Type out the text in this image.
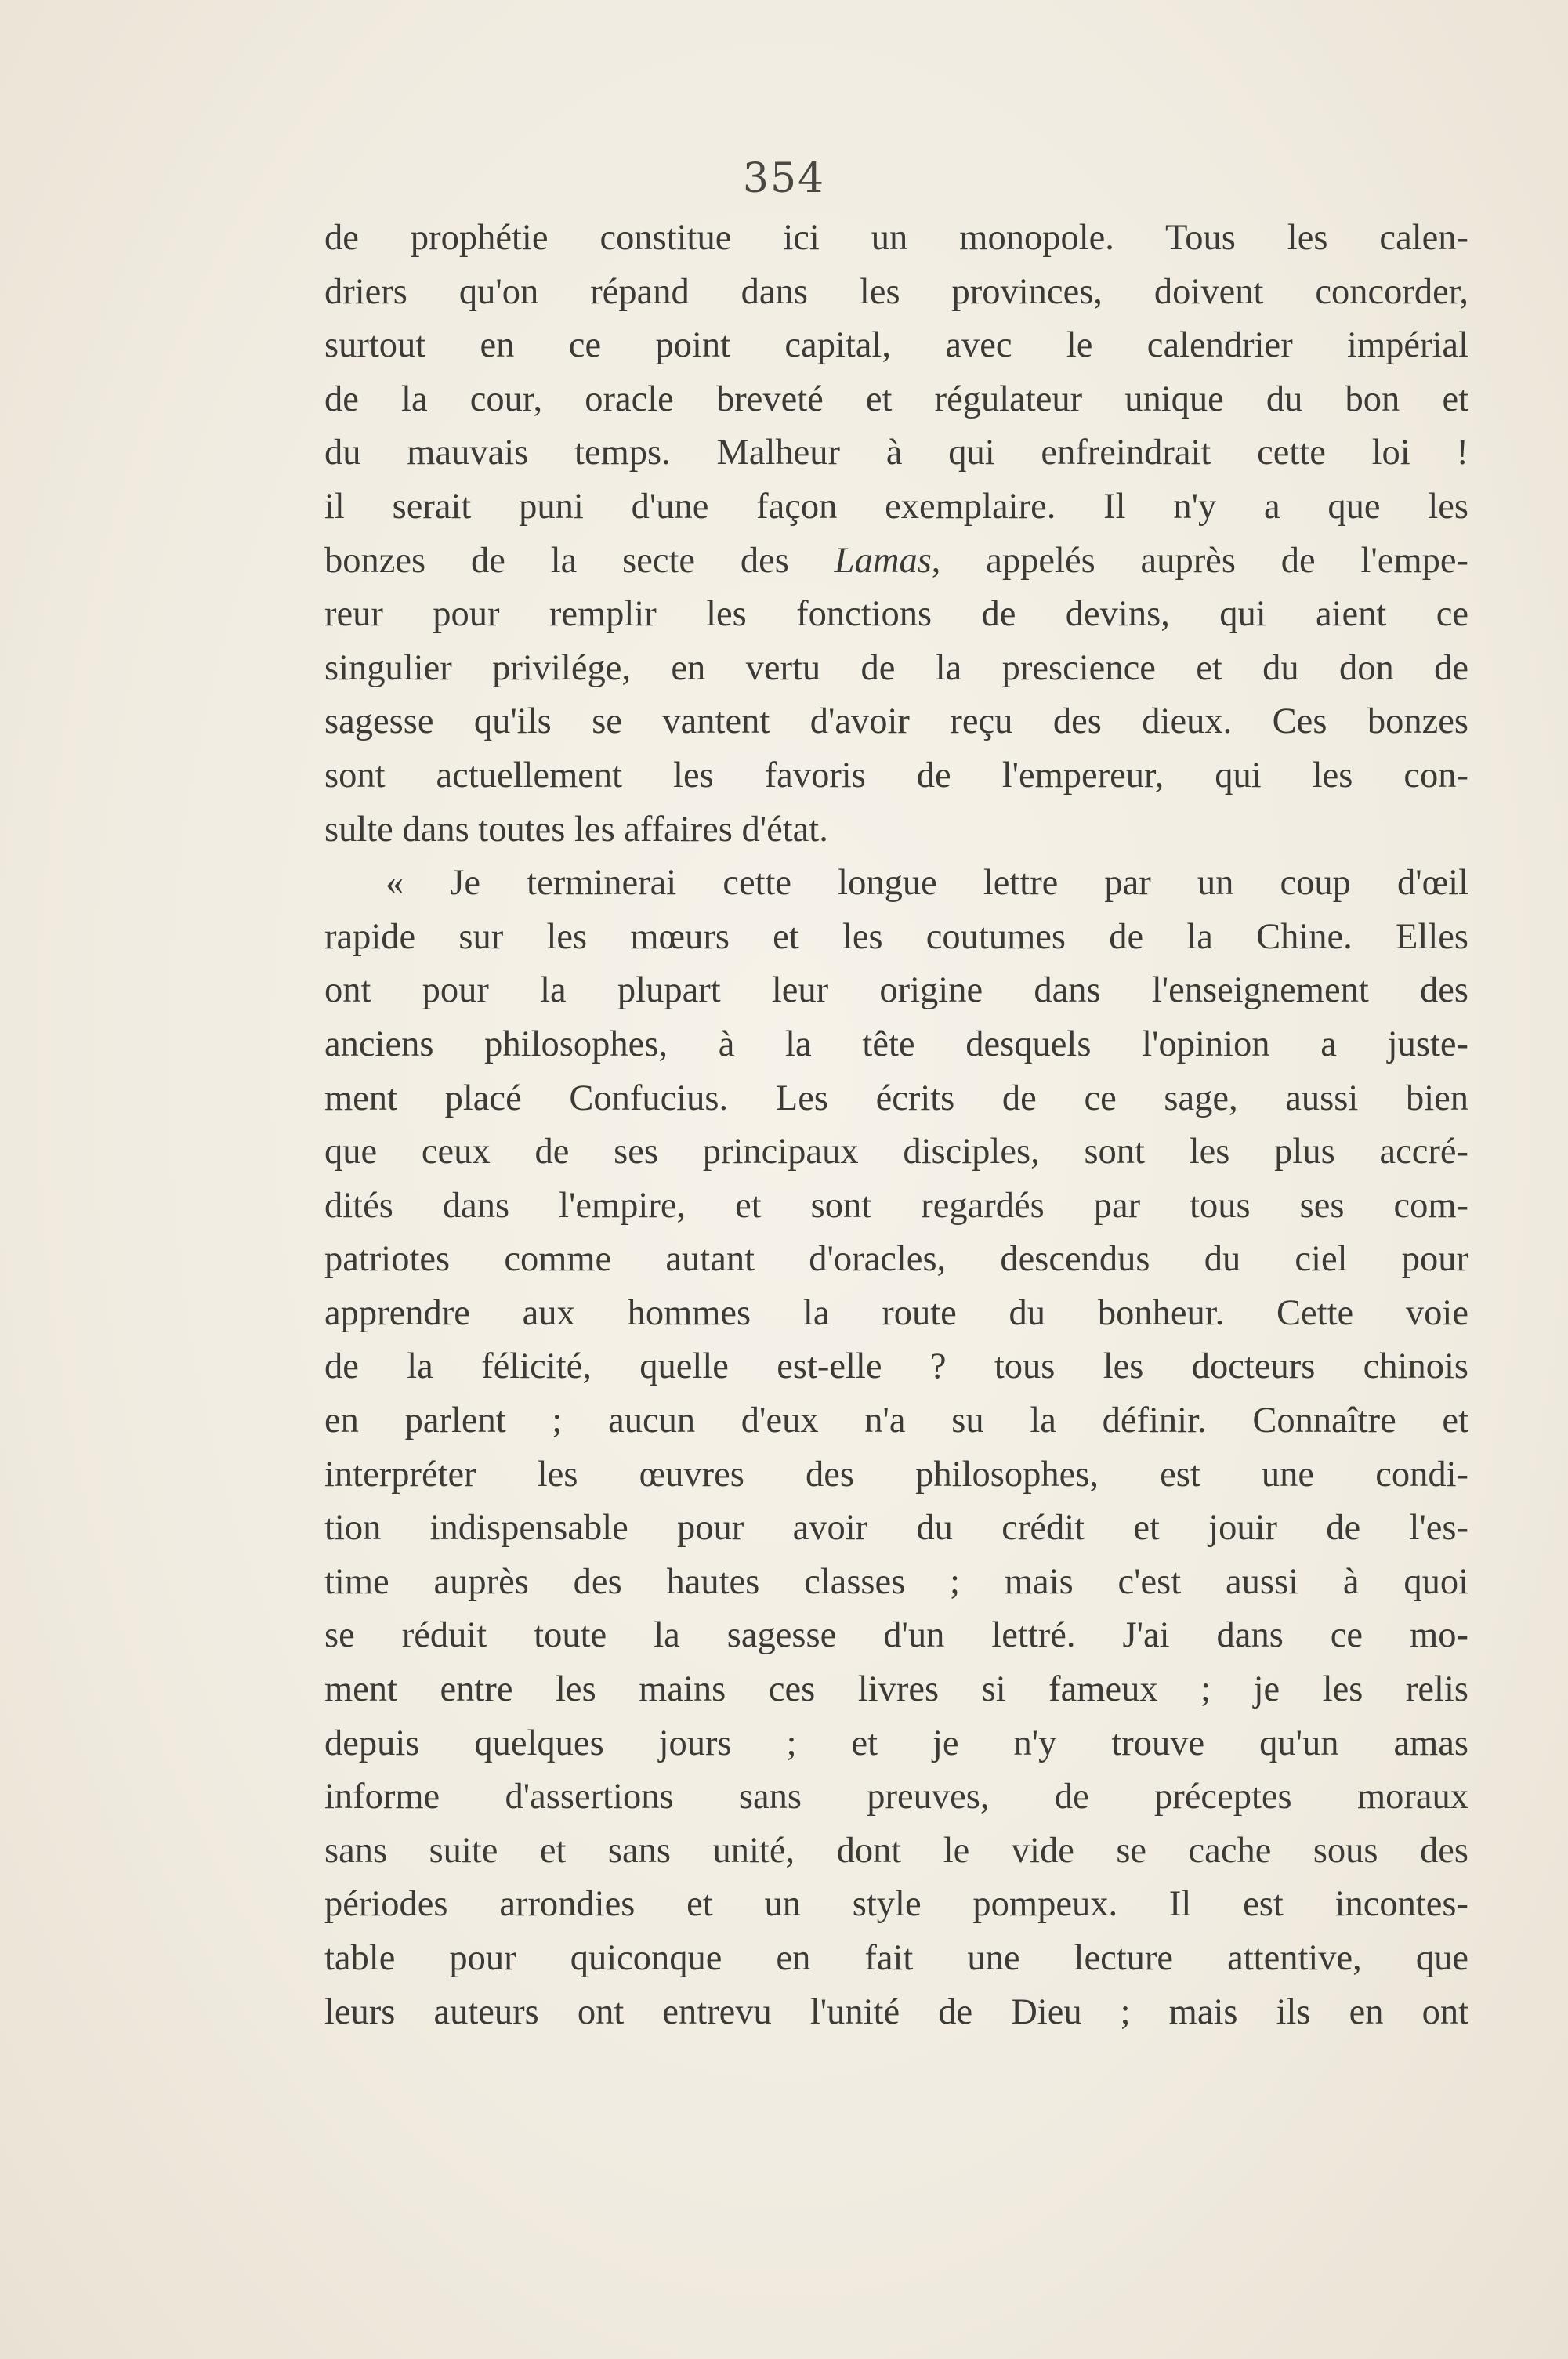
354
de prophétie constitue ici un monopole. Tous les calen-
driers qu'on répand dans les provinces, doivent concorder,
surtout en ce point capital, avec le calendrier impérial
de la cour, oracle breveté et régulateur unique du bon et
du mauvais temps. Malheur à qui enfreindrait cette loi !
il serait puni d'une façon exemplaire. Il n'y a que les
bonzes de la secte des Lamas, appelés auprès de l'empe-
reur pour remplir les fonctions de devins, qui aient ce
singulier privilége, en vertu de la prescience et du don de
sagesse qu'ils se vantent d'avoir reçu des dieux. Ces bonzes
sont actuellement les favoris de l'empereur, qui les con-
sulte dans toutes les affaires d'état.
« Je terminerai cette longue lettre par un coup d'œil
rapide sur les mœurs et les coutumes de la Chine. Elles
ont pour la plupart leur origine dans l'enseignement des
anciens philosophes, à la tête desquels l'opinion a juste-
ment placé Confucius. Les écrits de ce sage, aussi bien
que ceux de ses principaux disciples, sont les plus accré-
dités dans l'empire, et sont regardés par tous ses com-
patriotes comme autant d'oracles, descendus du ciel pour
apprendre aux hommes la route du bonheur. Cette voie
de la félicité, quelle est-elle ? tous les docteurs chinois
en parlent ; aucun d'eux n'a su la définir. Connaître et
interpréter les œuvres des philosophes, est une condi-
tion indispensable pour avoir du crédit et jouir de l'es-
time auprès des hautes classes ; mais c'est aussi à quoi
se réduit toute la sagesse d'un lettré. J'ai dans ce mo-
ment entre les mains ces livres si fameux ; je les relis
depuis quelques jours ; et je n'y trouve qu'un amas
informe d'assertions sans preuves, de préceptes moraux
sans suite et sans unité, dont le vide se cache sous des
périodes arrondies et un style pompeux. Il est incontes-
table pour quiconque en fait une lecture attentive, que
leurs auteurs ont entrevu l'unité de Dieu ; mais ils en ont
